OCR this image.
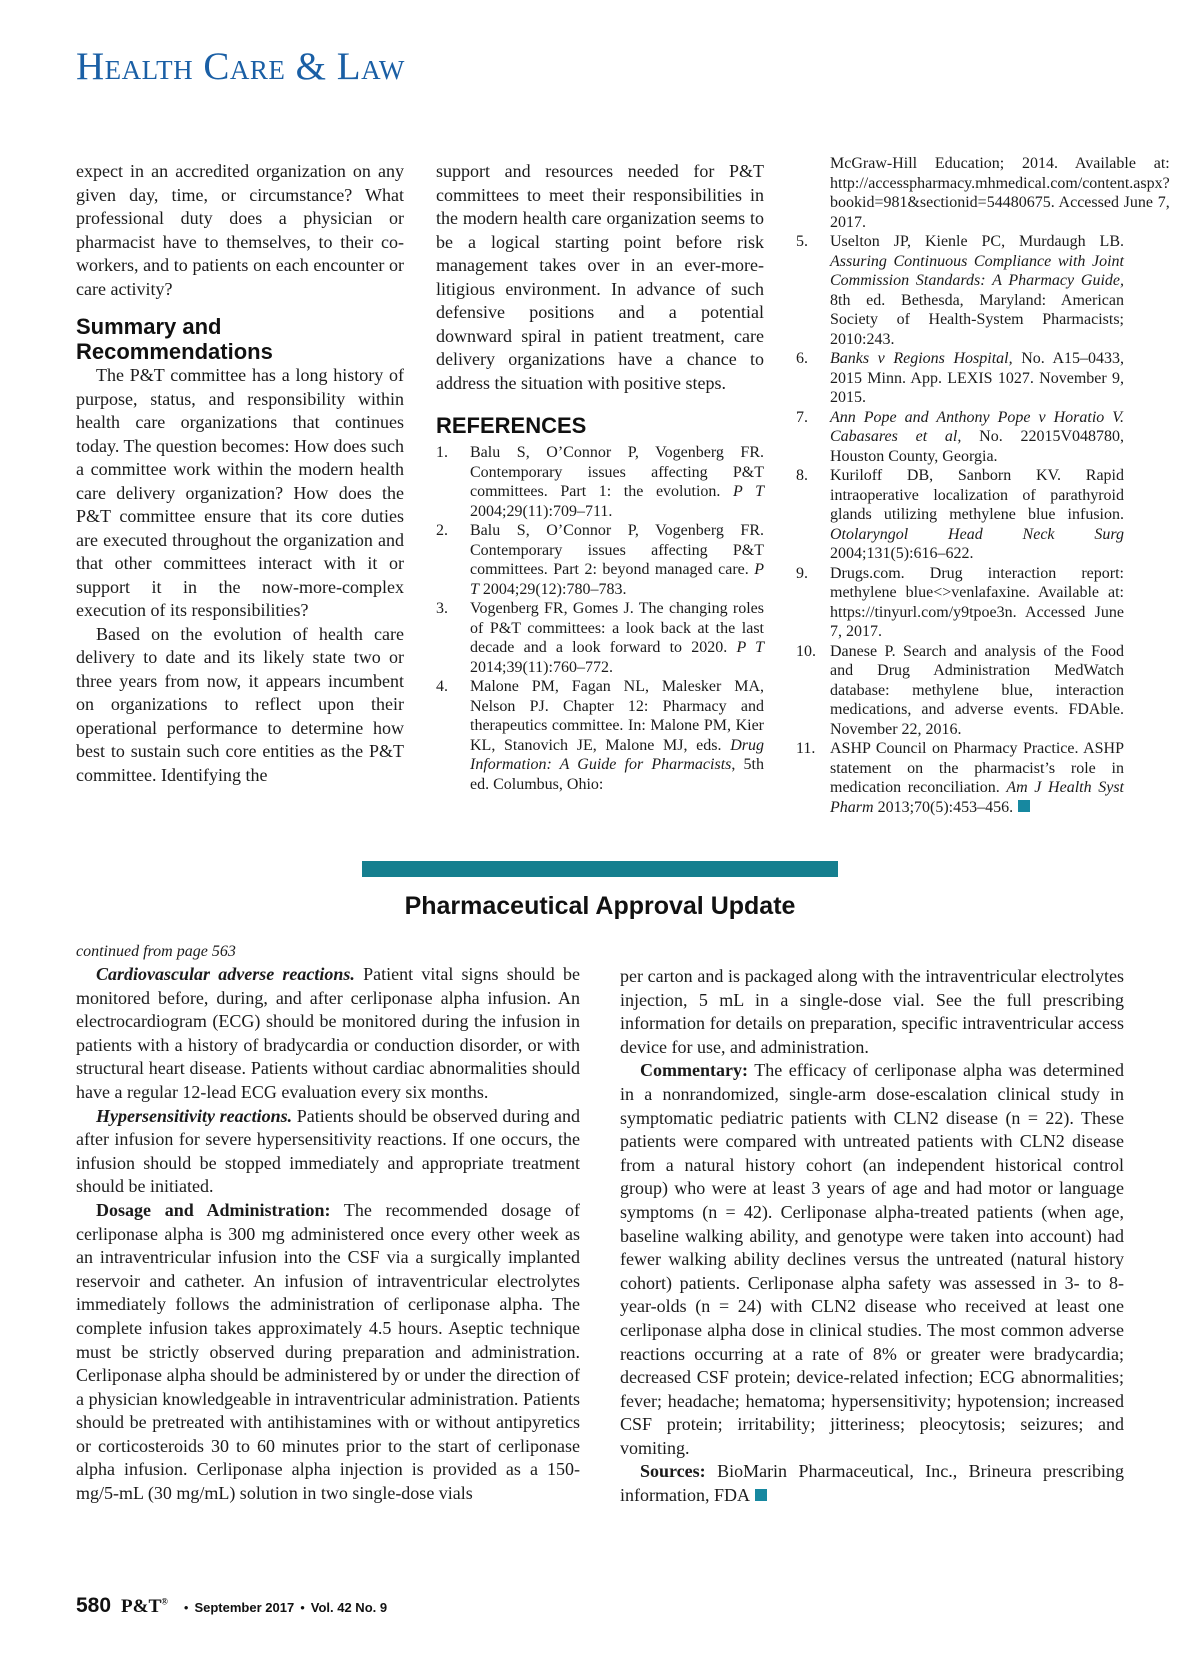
Health Care & Law

expect in an accredited organization on any given day, time, or circumstance? What professional duty does a physician or pharmacist have to themselves, to their co-workers, and to patients on each encounter or care activity?

Summary and Recommendations

The P&T committee has a long history of purpose, status, and responsibility within health care organizations that continues today. The question becomes: How does such a committee work within the modern health care delivery organization? How does the P&T committee ensure that its core duties are executed throughout the organization and that other committees interact with it or support it in the now-more-complex execution of its responsibilities?

Based on the evolution of health care delivery to date and its likely state two or three years from now, it appears incumbent on organizations to reflect upon their operational performance to determine how best to sustain such core entities as the P&T committee. Identifying the

support and resources needed for P&T committees to meet their responsibilities in the modern health care organization seems to be a logical starting point before risk management takes over in an ever-more-litigious environment. In advance of such defensive positions and a potential downward spiral in patient treatment, care delivery organizations have a chance to address the situation with positive steps.

REFERENCES
1.	Balu S, O’Connor P, Vogenberg FR. Contemporary issues affecting P&T committees. Part 1: the evolution. P T 2004;29(11):709–711.
2.	Balu S, O’Connor P, Vogenberg FR. Contemporary issues affecting P&T committees. Part 2: beyond managed care. P T 2004;29(12):780–783.
3.	Vogenberg FR, Gomes J. The changing roles of P&T committees: a look back at the last decade and a look forward to 2020. P T 2014;39(11):760–772.
4.	Malone PM, Fagan NL, Malesker MA, Nelson PJ. Chapter 12: Pharmacy and therapeutics committee. In: Malone PM, Kier KL, Stanovich JE, Malone MJ, eds. Drug Information: A Guide for Pharmacists, 5th ed. Columbus, Ohio:
McGraw-Hill Education; 2014. Available at: http://accesspharmacy.mhmedical.com/content.aspx?bookid=981&sectionid=54480675. Accessed June 7, 2017.
5.	Uselton JP, Kienle PC, Murdaugh LB. Assuring Continuous Compliance with Joint Commission Standards: A Pharmacy Guide, 8th ed. Bethesda, Maryland: American Society of Health-System Pharmacists; 2010:243.
6.	Banks v Regions Hospital, No. A15–0433, 2015 Minn. App. LEXIS 1027. November 9, 2015.
7.	Ann Pope and Anthony Pope v Horatio V. Cabasares et al, No. 22015V048780, Houston County, Georgia.
8.	Kuriloff DB, Sanborn KV. Rapid intraoperative localization of parathyroid glands utilizing methylene blue infusion. Otolaryngol Head Neck Surg 2004;131(5):616–622.
9.	Drugs.com. Drug interaction report: methylene blue<>venlafaxine. Available at: https://tinyurl.com/y9tpoe3n. Accessed June 7, 2017.
10. Danese P. Search and analysis of the Food and Drug Administration MedWatch database: methylene blue, interaction medications, and adverse events. FDAble. November 22, 2016.
11. ASHP Council on Pharmacy Practice. ASHP statement on the pharmacist’s role in medication reconciliation. Am J Health Syst Pharm 2013;70(5):453–456.
Pharmaceutical Approval Update

continued from page 563

Cardiovascular adverse reactions. Patient vital signs should be monitored before, during, and after cerliponase alpha infusion. An electrocardiogram (ECG) should be monitored during the infusion in patients with a history of bradycardia or conduction disorder, or with structural heart disease. Patients without cardiac abnormalities should have a regular 12-lead ECG evaluation every six months.

Hypersensitivity reactions. Patients should be observed during and after infusion for severe hypersensitivity reactions. If one occurs, the infusion should be stopped immediately and appropriate treatment should be initiated.

Dosage and Administration: The recommended dosage of cerliponase alpha is 300 mg administered once every other week as an intraventricular infusion into the CSF via a surgically implanted reservoir and catheter. An infusion of intraventricular electrolytes immediately follows the administration of cerliponase alpha. The complete infusion takes approximately 4.5 hours. Aseptic technique must be strictly observed during preparation and administration. Cerliponase alpha should be administered by or under the direction of a physician knowledgeable in intraventricular administration. Patients should be pretreated with antihistamines with or without antipyretics or corticosteroids 30 to 60 minutes prior to the start of cerliponase alpha infusion. Cerliponase alpha injection is provided as a 150-mg/5-mL (30 mg/mL) solution in two single-dose vials

per carton and is packaged along with the intraventricular electrolytes injection, 5 mL in a single-dose vial. See the full prescribing information for details on preparation, specific intraventricular access device for use, and administration.

Commentary: The efficacy of cerliponase alpha was determined in a nonrandomized, single-arm dose-escalation clinical study in symptomatic pediatric patients with CLN2 disease (n = 22). These patients were compared with untreated patients with CLN2 disease from a natural history cohort (an independent historical control group) who were at least 3 years of age and had motor or language symptoms (n = 42). Cerliponase alpha-treated patients (when age, baseline walking ability, and genotype were taken into account) had fewer walking ability declines versus the untreated (natural history cohort) patients. Cerliponase alpha safety was assessed in 3- to 8-year-olds (n = 24) with CLN2 disease who received at least one cerliponase alpha dose in clinical studies. The most common adverse reactions occurring at a rate of 8% or greater were bradycardia; decreased CSF protein; device-related infection; ECG abnormalities; fever; headache; hematoma; hypersensitivity; hypotension; increased CSF protein; irritability; jitteriness; pleocytosis; seizures; and vomiting.

Sources: BioMarin Pharmaceutical, Inc., Brineura prescribing information, FDA

580 P&T® • September 2017 • Vol. 42 No. 9
